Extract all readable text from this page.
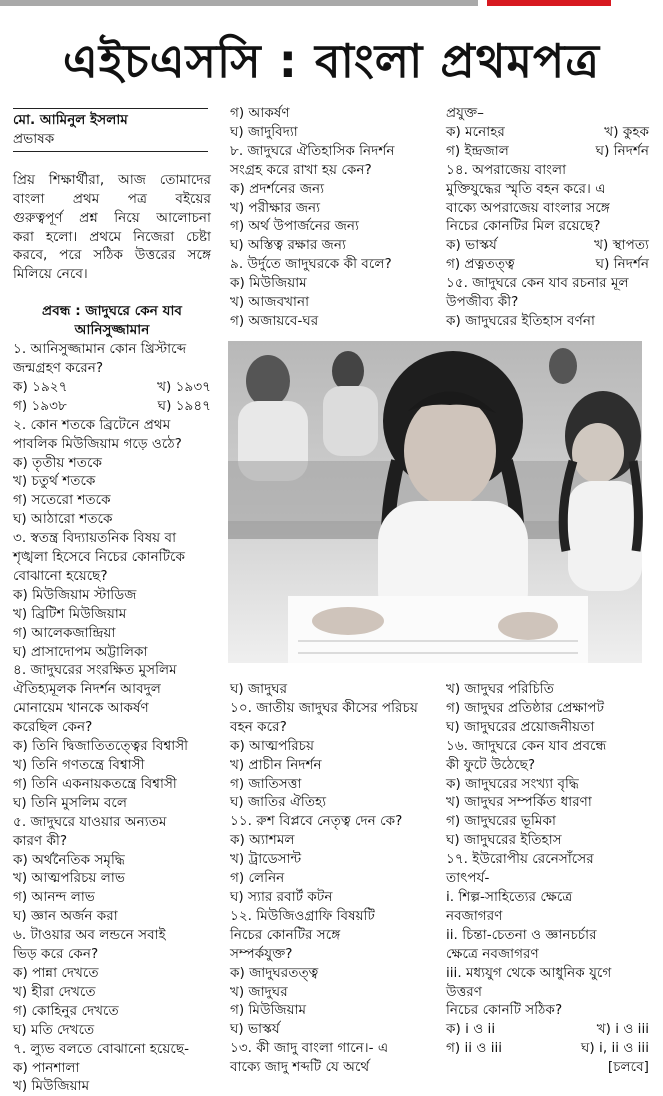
এইচএসসি : বাংলা প্রথমপত্র

মো. আমিনুল ইসলাম

প্রভাষক

প্রিয় শিক্ষার্থীরা, আজ তোমাদের

বাংলা প্রথম পত্র বইয়ের

গুরুত্বপূর্ণ প্রশ্ন নিয়ে আলোচনা

করা হলো। প্রথমে নিজেরা চেষ্টা

করবে, পরে সঠিক উত্তরের সঙ্গে

মিলিয়ে নেবে।

প্রবন্ধ : জাদুঘরে কেন যাব

আনিসুজ্জামান

১. আনিসুজ্জামান কোন খ্রিস্টাব্দে

জন্মগ্রহণ করেন?

ক) ১৯২৭	খ) ১৯৩৭

গ) ১৯৩৮	ঘ) ১৯৪৭

২. কোন শতকে ব্রিটেনে প্রথম

পাবলিক মিউজিয়াম গড়ে ওঠে?

ক) তৃতীয় শতকে

খ) চতুর্থ শতকে

গ) সতেরো শতকে

ঘ) আঠারো শতকে

৩. স্বতন্ত্র বিদ্যায়তনিক বিষয় বা

শৃঙ্খলা হিসেবে নিচের কোনটিকে

বোঝানো হয়েছে?

ক) মিউজিয়াম স্টাডিজ

খ) ব্রিটিশ মিউজিয়াম

গ) আলেকজান্দ্রিয়া

ঘ) প্রাসাদোপম অট্টালিকা

৪. জাদুঘরের সংরক্ষিত মুসলিম

ঐতিহ্যমূলক নিদর্শন আবদুল

মোনায়েম খানকে আকর্ষণ

করেছিল কেন?

ক) তিনি দ্বিজাতিতত্ত্বের বিশ্বাসী

খ) তিনি গণতন্ত্রে বিশ্বাসী

গ) তিনি একনায়কতন্ত্রে বিশ্বাসী

ঘ) তিনি মুসলিম বলে

৫. জাদুঘরে যাওয়ার অন্যতম

কারণ কী?

ক) অর্থনৈতিক সমৃদ্ধি

খ) আত্মপরিচয় লাভ

গ) আনন্দ লাভ

ঘ) জ্ঞান অর্জন করা

৬. টাওয়ার অব লন্ডনে সবাই

ভিড় করে কেন?

ক) পান্না দেখতে

খ) হীরা দেখতে

গ) কোহিনুর দেখতে

ঘ) মতি দেখতে

৭. ল্যুভ বলতে বোঝানো হয়েছে-

ক) পানশালা

খ) মিউজিয়াম

গ) আকর্ষণ

ঘ) জাদুবিদ্যা

৮. জাদুঘরে ঐতিহাসিক নিদর্শন

সংগ্রহ করে রাখা হয় কেন?

ক) প্রদর্শনের জন্য

খ) পরীক্ষার জন্য

গ) অর্থ উপার্জনের জন্য

ঘ) অস্তিত্ব রক্ষার জন্য

৯. উর্দুতে জাদুঘরকে কী বলে?

ক) মিউজিয়াম

খ) আজবখানা

গ) অজায়বে-ঘর

প্রযুক্ত–

ক) মনোহর	খ) কুহক

গ) ইন্দ্রজাল	ঘ) নিদর্শন

১৪. অপরাজেয় বাংলা

মুক্তিযুদ্ধের স্মৃতি বহন করে। এ

বাক্যে অপরাজেয় বাংলার সঙ্গে

নিচের কোনটির মিল রয়েছে?

ক) ভাস্কর্য	খ) স্থাপত্য

গ) প্রত্নতত্ত্ব	ঘ) নিদর্শন

১৫. জাদুঘরে কেন যাব রচনার মূল

উপজীব্য কী?

ক) জাদুঘরের ইতিহাস বর্ণনা

ঘ) জাদুঘর

১০. জাতীয় জাদুঘর কীসের পরিচয়

বহন করে?

ক) আত্মপরিচয়

খ) প্রাচীন নিদর্শন

গ) জাতিসত্তা

ঘ) জাতির ঐতিহ্য

১১. রুশ বিপ্লবে নেতৃত্ব দেন কে?

ক) অ্যাশমল

খ) ট্রাডেসান্ট

গ) লেনিন

ঘ) স্যার রবার্ট কটন

১২. মিউজিওগ্রাফি বিষয়টি

নিচের কোনটির সঙ্গে

সম্পর্কযুক্ত?

ক) জাদুঘরতত্ত্ব

খ) জাদুঘর

গ) মিউজিয়াম

ঘ) ভাস্কর্য

১৩. কী জাদু বাংলা গানে।- এ

বাক্যে জাদু শব্দটি যে অর্থে

খ) জাদুঘর পরিচিতি

গ) জাদুঘর প্রতিষ্ঠার প্রেক্ষাপট

ঘ) জাদুঘরের প্রয়োজনীয়তা

১৬. জাদুঘরে কেন যাব প্রবন্ধে

কী ফুটে উঠেছে?

ক) জাদুঘরের সংখ্যা বৃদ্ধি

খ) জাদুঘর সম্পর্কিত ধারণা

গ) জাদুঘরের ভূমিকা

ঘ) জাদুঘরের ইতিহাস

১৭. ইউরোপীয় রেনেসাঁসের

তাৎপর্য-

i. শিল্প-সাহিত্যের ক্ষেত্রে

নবজাগরণ

ii. চিন্তা-চেতনা ও জ্ঞানচর্চার

ক্ষেত্রে নবজাগরণ

iii. মধ্যযুগ থেকে আধুনিক যুগে

উত্তরণ

নিচের কোনটি সঠিক?

ক) i ও ii	খ) i ও iii

গ) ii ও iii	ঘ) i, ii ও iii

[চলবে]
